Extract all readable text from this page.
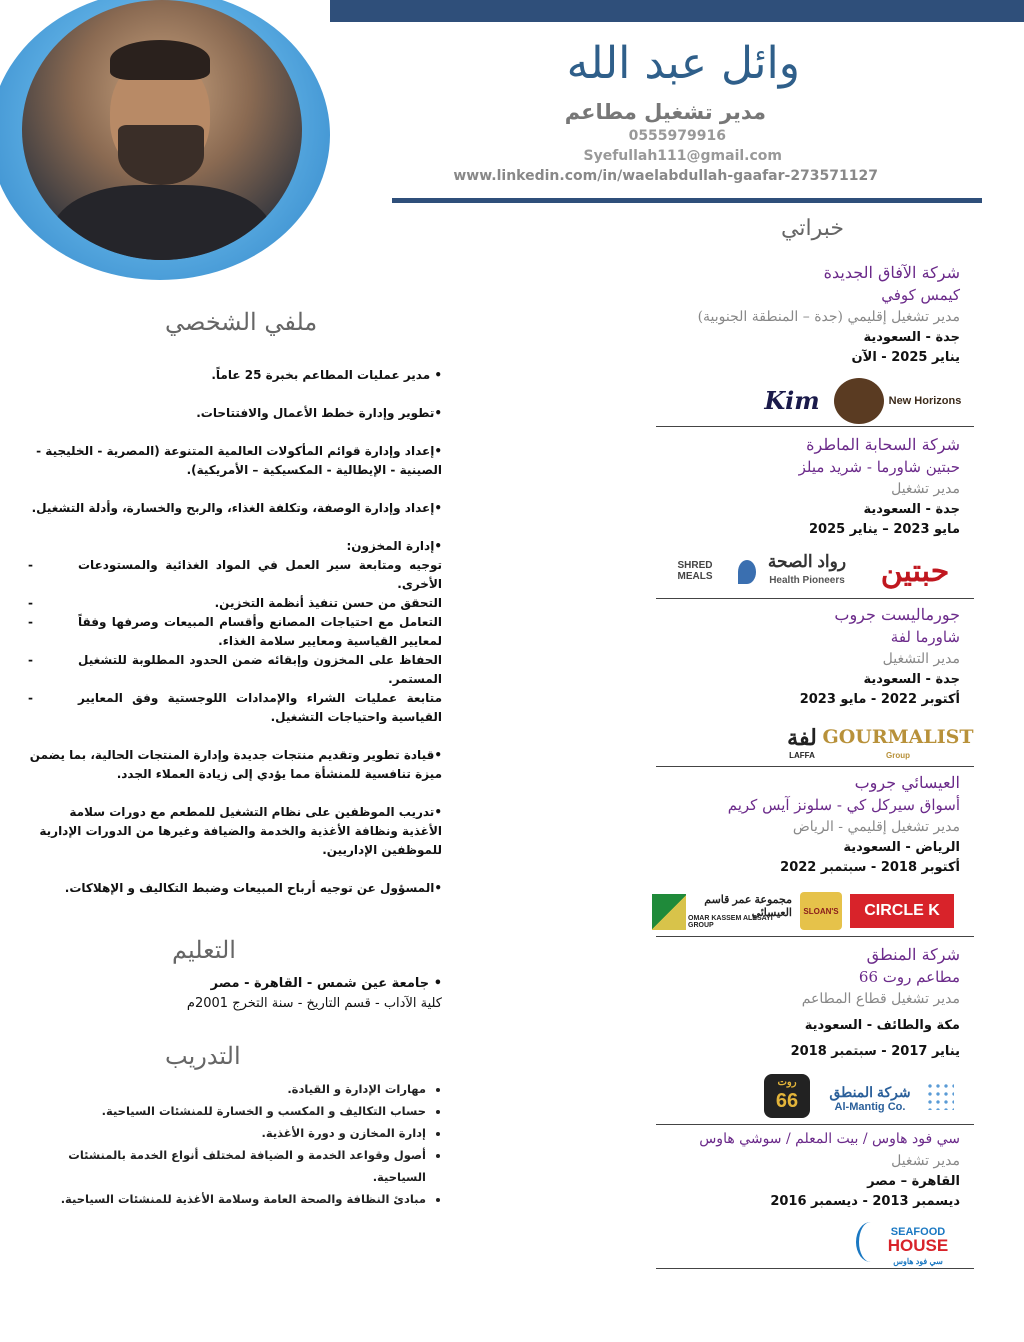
وائل عبد الله
مدير تشغيل مطاعم
0555979916
Syefullah111@gmail.com
www.linkedin.com/in/waelabdullah-gaafar-273571127
ملفي الشخصي

• مدير عمليات المطاعم بخبرة 25 عاماً.

•تطوير وإدارة خطط الأعمال والافتتاحات.

•إعداد وإدارة قوائم المأكولات العالمية المتنوعة (المصرية - الخليجية - الصينية - الإيطالية - المكسيكية – الأمريكية).

•إعداد وإدارة الوصفة، وتكلفة الغذاء، والربح والخسارة، وأدلة التشغيل.

•إدارة المخزون:

-	توجيه ومتابعة سير العمل في المواد الغذائية والمستودعات الأخرى.
-	التحقق من حسن تنفيذ أنظمة التخزين.
-	التعامل مع احتياجات المصانع وأقسام المبيعات وصرفها وفقاً لمعايير القياسية ومعايير سلامة الغذاء.
-	الحفاظ على المخزون وإبقائه ضمن الحدود المطلوبة للتشغيل المستمر.
-	متابعة عمليات الشراء والإمدادات اللوجستية وفق المعايير القياسية واحتياجات التشغيل.

•قيادة تطوير وتقديم منتجات جديدة وإدارة المنتجات الحالية، بما يضمن ميزة تنافسية للمنشأة مما يؤدي إلى زيادة العملاء الجدد.

•تدريب الموظفين على نظام التشغيل للمطعم مع دورات سلامة الأغذية ونظافة الأغذية والخدمة والضيافة وغيرها من الدورات الإدارية للموظفين الإداريين.

•المسؤول عن توجيه أرباح المبيعات وضبط التكاليف و الإهلاكات.

التعليم
• جامعة عين شمس - القاهرة - مصر
كلية الآداب - قسم التاريخ - سنة التخرج 2001م
التدريب
• مهارات الإدارة و القيادة.
• حساب التكاليف و المكسب و الخسارة للمنشئات السياحية.
• إدارة المخازن و دورة الأغذية.
• أصول وقواعد الخدمة و الضيافة لمختلف أنواع الخدمة بالمنشئات السياحية.
• مبادئ النظافة والصحة العامة وسلامة الأغذية للمنشئات السياحية.
خبراتي
شركة الآفاق الجديدة
كيمس كوفي
مدير تشغيل إقليمي (جدة – المنطقة الجنوبية)
جدة - السعودية
يناير 2025 - الآن
Kim	New Horizons
شركة السحابة الماطرة
حبتين شاورما - شريد ميلز
مدير تشغيل
جدة - السعودية
مايو 2023 – يناير 2025
SHRED MEALS
رواد الصحة
Health Pioneers	حبتين
جورماليست جروب
شاورما لفة
مدير التشغيل
جدة - السعودية
أكتوبر 2022 - مايو 2023
لفة
LAFFA
GOURMALIST
Group
العيسائي جروب
أسواق سيركل كي - سلونز آيس كريم
مدير تشغيل إقليمي - الرياض
الرياض - السعودية
أكتوبر 2018 - سبتمبر 2022
مجموعة عمر قاسم العيسائي
OMAR KASSEM ALESAYI GROUP
SLOAN'S	CIRCLE K
شركة المنطق
مطاعم روت 66
مدير تشغيل قطاع المطاعم
مكة والطائف - السعودية
يناير 2017 - سبتمبر 2018
روت
66	شركة المنطق
Al-Mantig Co.
سي فود هاوس / بيت المعلم / سوشي هاوس
مدير تشغيل
القاهرة – مصر
ديسمبر 2013 - ديسمبر 2016
SEAFOOD
HOUSE
سي فود هاوس
